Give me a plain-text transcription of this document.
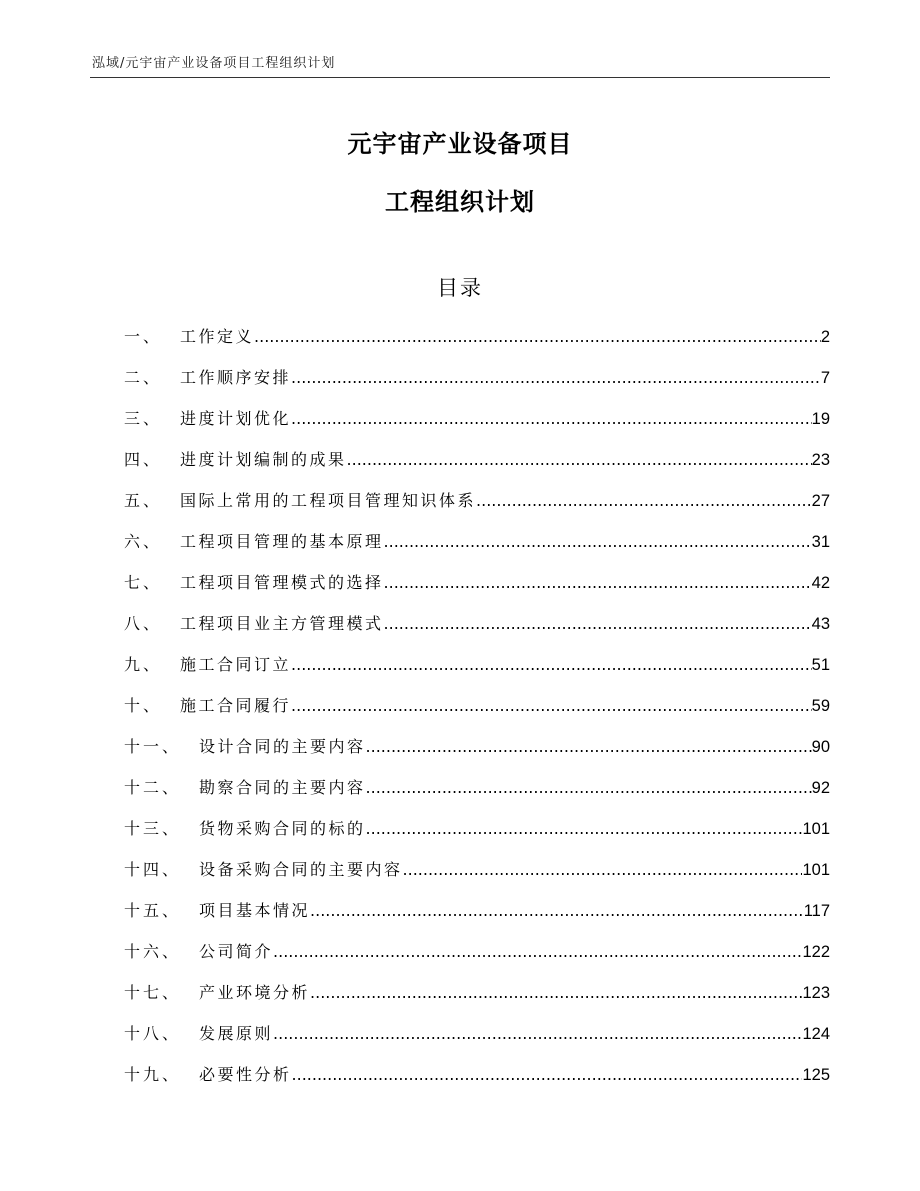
泓域/元宇宙产业设备项目工程组织计划
元宇宙产业设备项目
工程组织计划
目录
一、	工作定义 .....	2
二、	工作顺序安排 .....	7
三、	进度计划优化 .....	19
四、	进度计划编制的成果 .....	23
五、	国际上常用的工程项目管理知识体系 .....	27
六、	工程项目管理的基本原理 .....	31
七、	工程项目管理模式的选择 .....	42
八、	工程项目业主方管理模式 .....	43
九、	施工合同订立 .....	51
十、	施工合同履行 .....	59
十一、	设计合同的主要内容 .....	90
十二、	勘察合同的主要内容 .....	92
十三、	货物采购合同的标的 .....	101
十四、	设备采购合同的主要内容 .....	101
十五、	项目基本情况 .....	117
十六、	公司简介 .....	122
十七、	产业环境分析 .....	123
十八、	发展原则 .....	124
十九、	必要性分析 .....	125
